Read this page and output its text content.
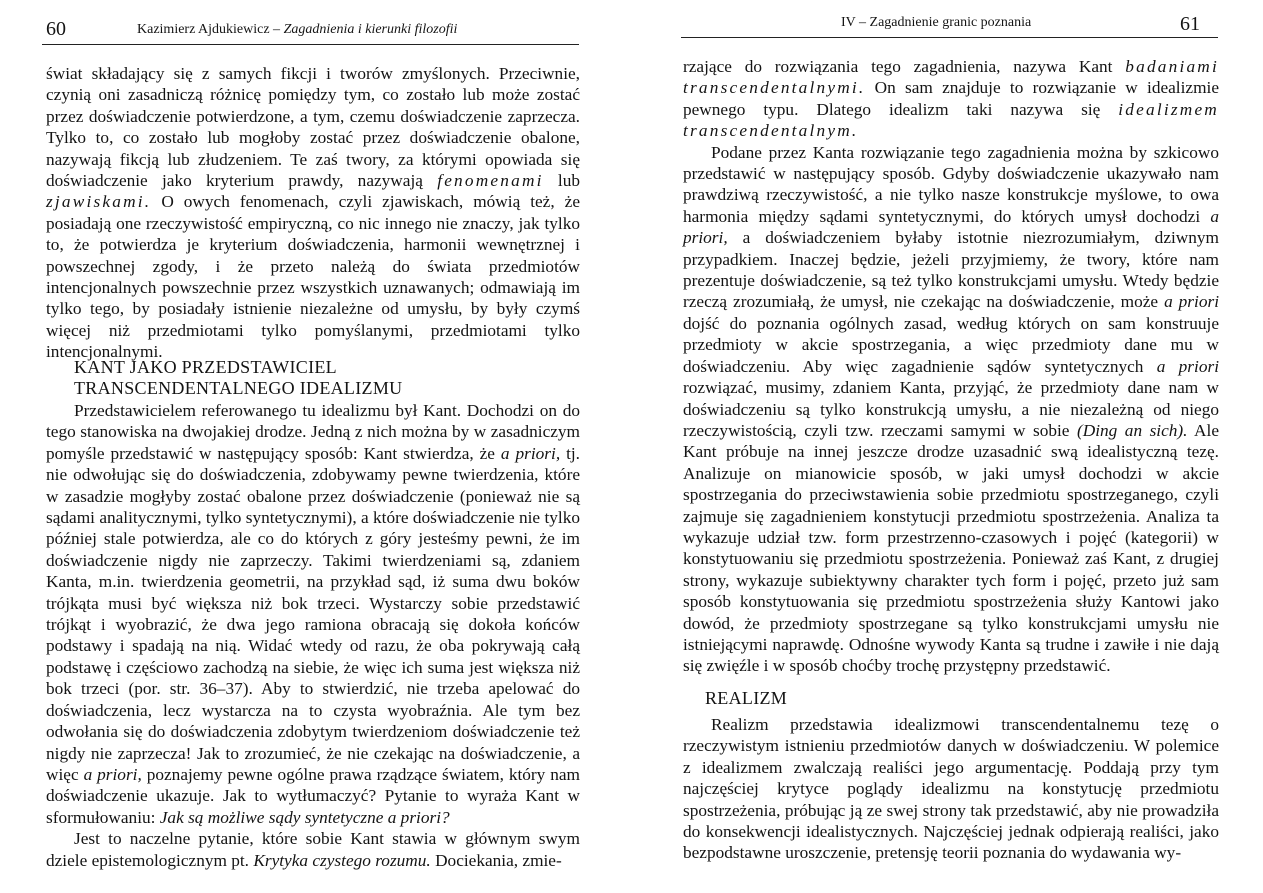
60	Kazimierz Ajdukiewicz – Zagadnienia i kierunki filozofii

świat składający się z samych fikcji i tworów zmyślonych. Przeciwnie, czynią oni zasadniczą różnicę pomiędzy tym, co zostało lub może zostać przez doświadczenie potwierdzone, a tym, czemu doświadczenie zaprzecza. Tylko to, co zostało lub mogłoby zostać przez doświadczenie obalone, nazywają fikcją lub złudzeniem. Te zaś twory, za którymi opowiada się doświadczenie jako kryterium prawdy, nazywają fenomenami lub zjawiskami. O owych fenomenach, czyli zjawiskach, mówią też, że posiadają one rzeczywistość empiryczną, co nic innego nie znaczy, jak tylko to, że potwierdza je kryterium doświadczenia, harmonii wewnętrznej i powszechnej zgody, i że przeto należą do świata przedmiotów intencjonalnych powszechnie przez wszystkich uznawanych; odmawiają im tylko tego, by posiadały istnienie niezależne od umysłu, by były czymś więcej niż przedmiotami tylko pomyślanymi, przedmiotami tylko intencjonalnymi.

KANT JAKO PRZEDSTAWICIEL
TRANSCENDENTALNEGO IDEALIZMU

Przedstawicielem referowanego tu idealizmu był Kant. Dochodzi on do tego stanowiska na dwojakiej drodze. Jedną z nich można by w zasadniczym pomyśle przedstawić w następujący sposób: Kant stwierdza, że a priori, tj. nie odwołując się do doświadczenia, zdobywamy pewne twierdzenia, które w zasadzie mogłyby zostać obalone przez doświadczenie (ponieważ nie są sądami analitycznymi, tylko syntetycznymi), a które doświadczenie nie tylko później stale potwierdza, ale co do których z góry jesteśmy pewni, że im doświadczenie nigdy nie zaprzeczy. Takimi twierdzeniami są, zdaniem Kanta, m.in. twierdzenia geometrii, na przykład sąd, iż suma dwu boków trójkąta musi być większa niż bok trzeci. Wystarczy sobie przedstawić trójkąt i wyobrazić, że dwa jego ramiona obracają się dokoła końców podstawy i spadają na nią. Widać wtedy od razu, że oba pokrywają całą podstawę i częściowo zachodzą na siebie, że więc ich suma jest większa niż bok trzeci (por. str. 36–37). Aby to stwierdzić, nie trzeba apelować do doświadczenia, lecz wystarcza na to czysta wyobraźnia. Ale tym bez odwołania się do doświadczenia zdobytym twierdzeniom doświadczenie też nigdy nie zaprzecza! Jak to zrozumieć, że nie czekając na doświadczenie, a więc a priori, poznajemy pewne ogólne prawa rządzące światem, który nam doświadczenie ukazuje. Jak to wytłumaczyć? Pytanie to wyraża Kant w sformułowaniu: Jak są możliwe sądy syntetyczne a priori?

Jest to naczelne pytanie, które sobie Kant stawia w głównym swym dziele epistemologicznym pt. Krytyka czystego rozumu. Dociekania, zmie-

IV – Zagadnienie granic poznania	61

rzające do rozwiązania tego zagadnienia, nazywa Kant badaniami transcendentalnymi. On sam znajduje to rozwiązanie w idealizmie pewnego typu. Dlatego idealizm taki nazywa się idealizmem transcendentalnym.

Podane przez Kanta rozwiązanie tego zagadnienia można by szkicowo przedstawić w następujący sposób. Gdyby doświadczenie ukazywało nam prawdziwą rzeczywistość, a nie tylko nasze konstrukcje myślowe, to owa harmonia między sądami syntetycznymi, do których umysł dochodzi a priori, a doświadczeniem byłaby istotnie niezrozumiałym, dziwnym przypadkiem. Inaczej będzie, jeżeli przyjmiemy, że twory, które nam prezentuje doświadczenie, są też tylko konstrukcjami umysłu. Wtedy będzie rzeczą zrozumiałą, że umysł, nie czekając na doświadczenie, może a priori dojść do poznania ogólnych zasad, według których on sam konstruuje przedmioty w akcie spostrzegania, a więc przedmioty dane mu w doświadczeniu. Aby więc zagadnienie sądów syntetycznych a priori rozwiązać, musimy, zdaniem Kanta, przyjąć, że przedmioty dane nam w doświadczeniu są tylko konstrukcją umysłu, a nie niezależną od niego rzeczywistością, czyli tzw. rzeczami samymi w sobie (Ding an sich). Ale Kant próbuje na innej jeszcze drodze uzasadnić swą idealistyczną tezę. Analizuje on mianowicie sposób, w jaki umysł dochodzi w akcie spostrzegania do przeciwstawienia sobie przedmiotu spostrzeganego, czyli zajmuje się zagadnieniem konstytucji przedmiotu spostrzeżenia. Analiza ta wykazuje udział tzw. form przestrzenno-czasowych i pojęć (kategorii) w konstytuowaniu się przedmiotu spostrzeżenia. Ponieważ zaś Kant, z drugiej strony, wykazuje subiektywny charakter tych form i pojęć, przeto już sam sposób konstytuowania się przedmiotu spostrzeżenia służy Kantowi jako dowód, że przedmioty spostrzegane są tylko konstrukcjami umysłu nie istniejącymi naprawdę. Odnośne wywody Kanta są trudne i zawiłe i nie dają się zwięźle i w sposób choćby trochę przystępny przedstawić.

REALIZM

Realizm przedstawia idealizmowi transcendentalnemu tezę o rzeczywistym istnieniu przedmiotów danych w doświadczeniu. W polemice z idealizmem zwalczają realiści jego argumentację. Poddają przy tym najczęściej krytyce poglądy idealizmu na konstytucję przedmiotu spostrzeżenia, próbując ją ze swej strony tak przedstawić, aby nie prowadziła do konsekwencji idealistycznych. Najczęściej jednak odpierają realiści, jako bezpodstawne uroszczenie, pretensję teorii poznania do wydawania wy-
